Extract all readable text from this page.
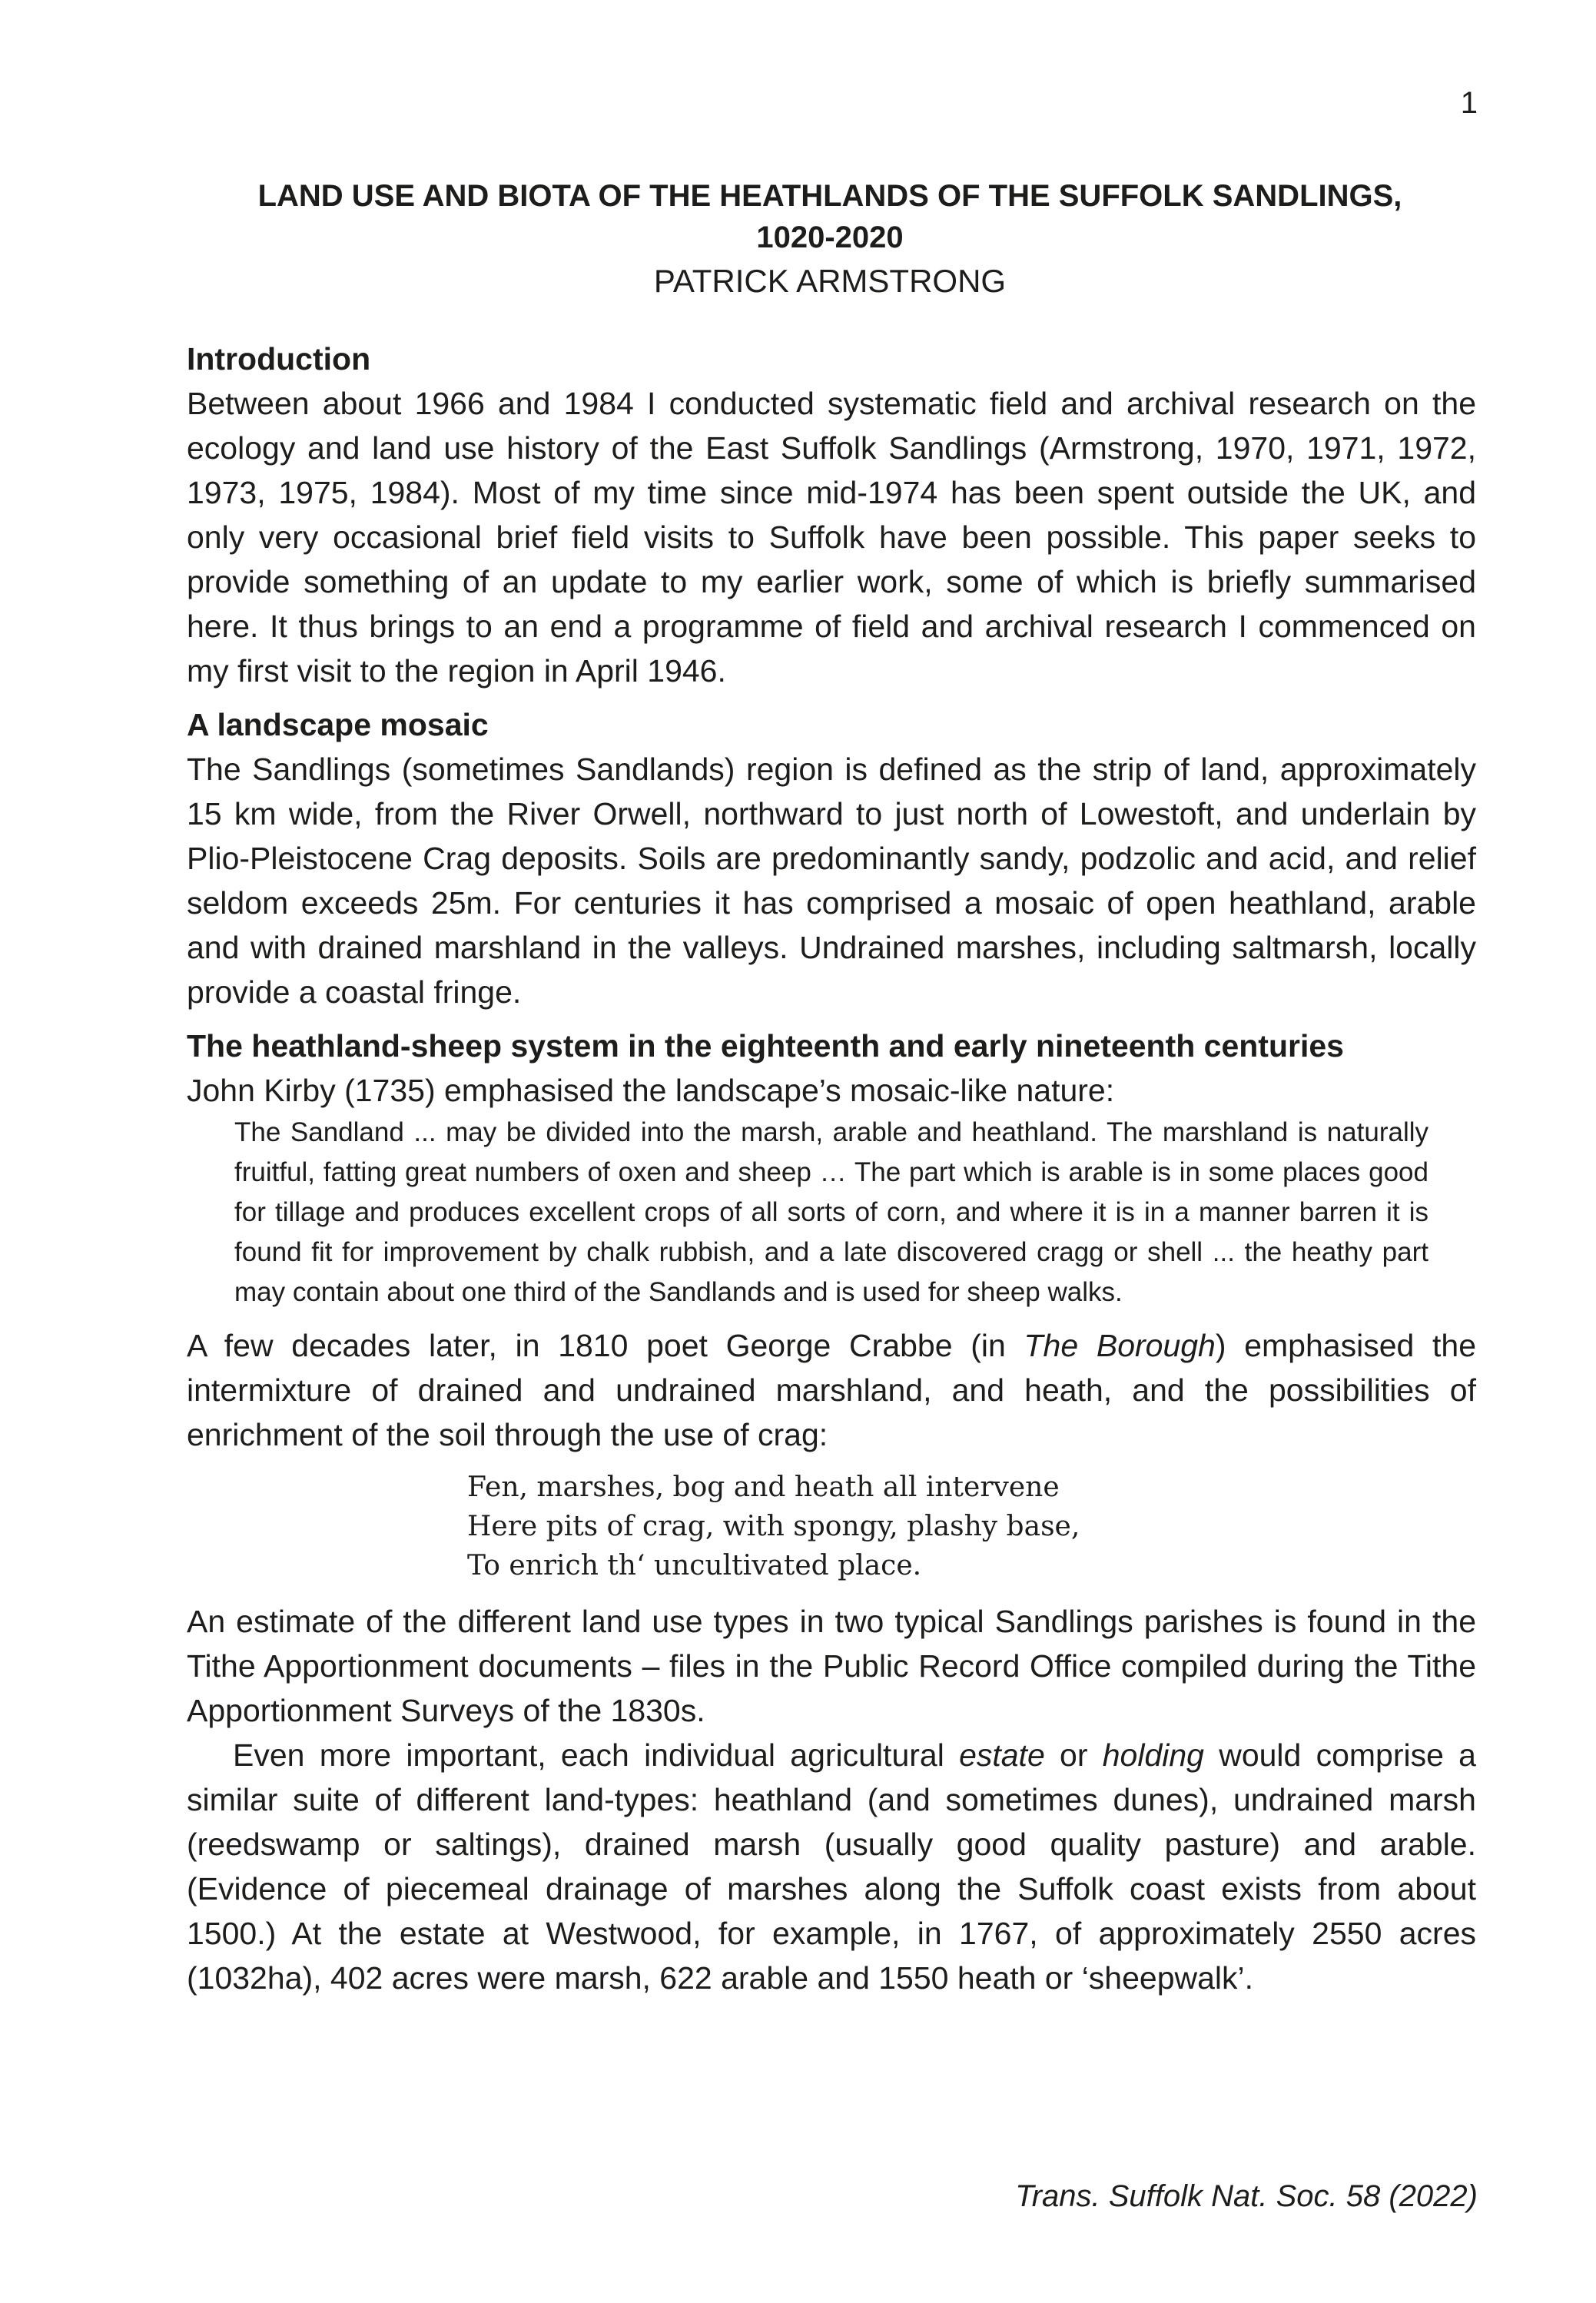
1
LAND USE AND BIOTA OF THE HEATHLANDS OF THE SUFFOLK SANDLINGS,
1020-2020
PATRICK ARMSTRONG

Introduction

Between about 1966 and 1984 I conducted systematic field and archival research on the ecology and land use history of the East Suffolk Sandlings (Armstrong, 1970, 1971, 1972, 1973, 1975, 1984). Most of my time since mid-1974 has been spent outside the UK, and only very occasional brief field visits to Suffolk have been possible. This paper seeks to provide something of an update to my earlier work, some of which is briefly summarised here. It thus brings to an end a programme of field and archival research I commenced on my first visit to the region in April 1946.

A landscape mosaic

The Sandlings (sometimes Sandlands) region is defined as the strip of land, approximately 15 km wide, from the River Orwell, northward to just north of Lowestoft, and underlain by Plio-Pleistocene Crag deposits. Soils are predominantly sandy, podzolic and acid, and relief seldom exceeds 25m. For centuries it has comprised a mosaic of open heathland, arable and with drained marshland in the valleys. Undrained marshes, including saltmarsh, locally provide a coastal fringe.

The heathland-sheep system in the eighteenth and early nineteenth centuries

John Kirby (1735) emphasised the landscape’s mosaic-like nature:

The Sandland ... may be divided into the marsh, arable and heathland. The marshland is naturally fruitful, fatting great numbers of oxen and sheep … The part which is arable is in some places good for tillage and produces excellent crops of all sorts of corn, and where it is in a manner barren it is found fit for improvement by chalk rubbish, and a late discovered cragg or shell ... the heathy part may contain about one third of the Sandlands and is used for sheep walks.

A few decades later, in 1810 poet George Crabbe (in The Borough) emphasised the intermixture of drained and undrained marshland, and heath, and the possibilities of enrichment of the soil through the use of crag:

Fen, marshes, bog and heath all intervene
Here pits of crag, with spongy, plashy base,
To enrich th‘ uncultivated place.

An estimate of the different land use types in two typical Sandlings parishes is found in the Tithe Apportionment documents – files in the Public Record Office compiled during the Tithe Apportionment Surveys of the 1830s.

Even more important, each individual agricultural estate or holding would comprise a similar suite of different land-types: heathland (and sometimes dunes), undrained marsh (reedswamp or saltings), drained marsh (usually good quality pasture) and arable. (Evidence of piecemeal drainage of marshes along the Suffolk coast exists from about 1500.) At the estate at Westwood, for example, in 1767, of approximately 2550 acres (1032ha), 402 acres were marsh, 622 arable and 1550 heath or ‘sheepwalk’.

Trans. Suffolk Nat. Soc. 58 (2022)
